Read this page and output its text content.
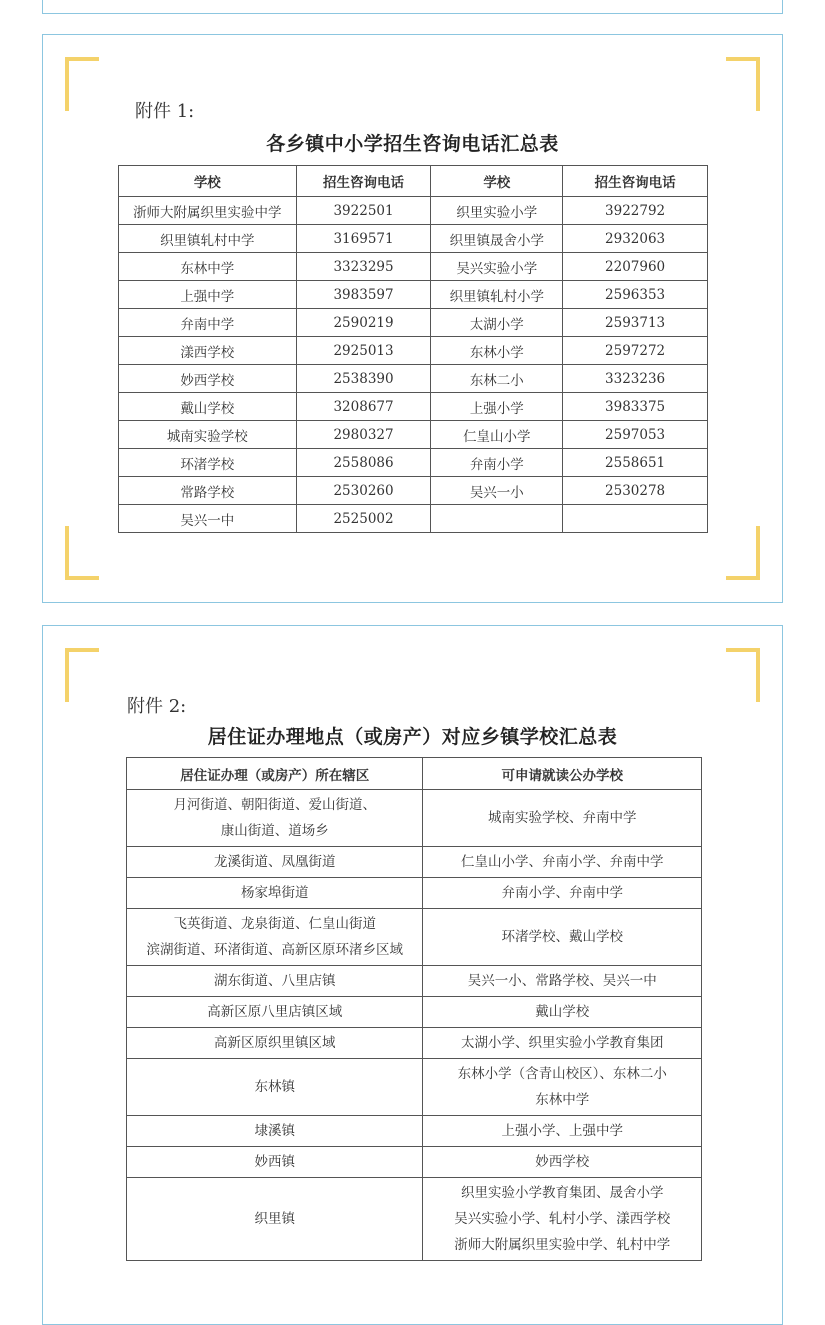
附件 1:
各乡镇中小学招生咨询电话汇总表
学校	招生咨询电话	学校	招生咨询电话
浙师大附属织里实验中学	3922501	织里实验小学	3922792
织里镇轧村中学	3169571	织里镇晟舍小学	2932063
东林中学	3323295	吴兴实验小学	2207960
上强中学	3983597	织里镇轧村小学	2596353
弁南中学	2590219	太湖小学	2593713
漾西学校	2925013	东林小学	2597272
妙西学校	2538390	东林二小	3323236
戴山学校	3208677	上强小学	3983375
城南实验学校	2980327	仁皇山小学	2597053
环渚学校	2558086	弁南小学	2558651
常路学校	2530260	吴兴一小	2530278
吴兴一中	2525002		
附件 2:
居住证办理地点（或房产）对应乡镇学校汇总表
居住证办理（或房产）所在辖区	可申请就读公办学校

月河街道、朝阳街道、爱山街道、
康山街道、道场乡	城南实验学校、弁南中学

龙溪街道、凤凰街道	仁皇山小学、弁南小学、弁南中学

杨家埠街道	弁南小学、弁南中学

飞英街道、龙泉街道、仁皇山街道
滨湖街道、环渚街道、高新区原环渚乡区域	环渚学校、戴山学校

湖东街道、八里店镇	吴兴一小、常路学校、吴兴一中

高新区原八里店镇区域	戴山学校

高新区原织里镇区域	太湖小学、织里实验小学教育集团

东林镇	东林小学（含青山校区）、东林二小
东林中学

埭溪镇	上强小学、上强中学

妙西镇	妙西学校

织里镇	织里实验小学教育集团、晟舍小学
吴兴实验小学、轧村小学、漾西学校
浙师大附属织里实验中学、轧村中学
